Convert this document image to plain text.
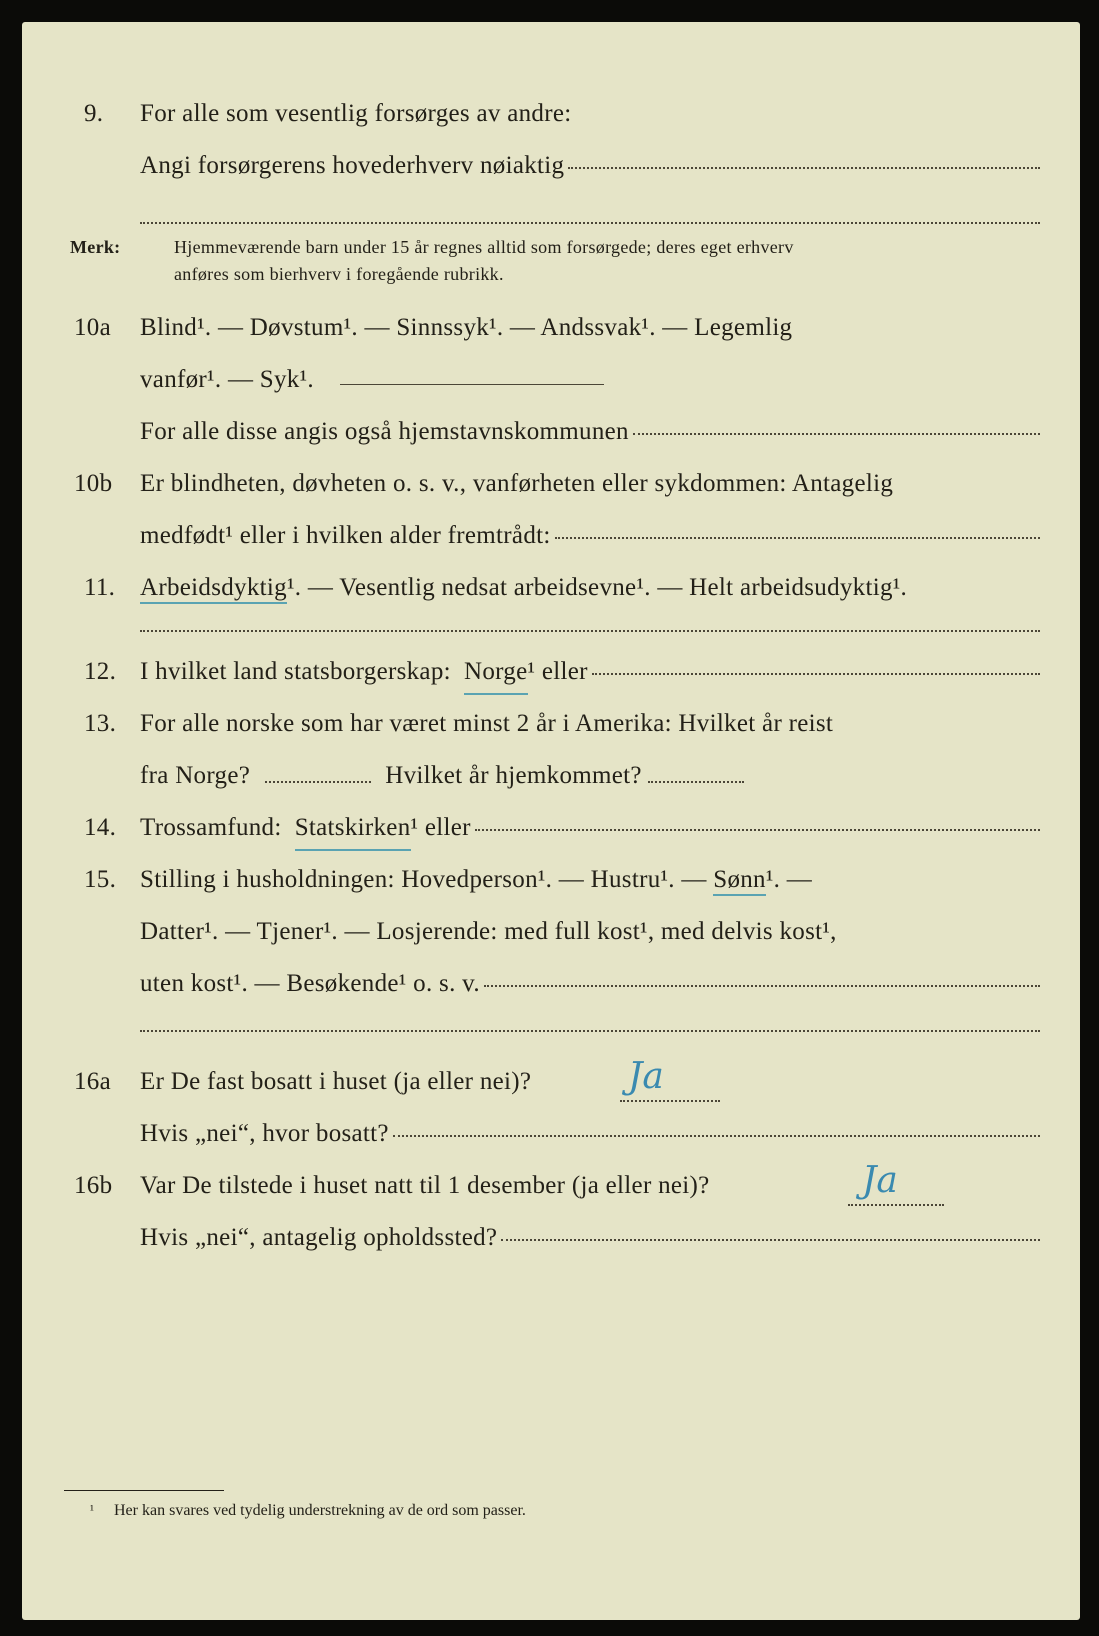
9. For alle som vesentlig forsørges av andre:
Angi forsørgerens hovederhverv nøiaktig
Merk:	Hjemmeværende barn under 15 år regnes alltid som forsørgede; deres eget erhverv
anføres som bierhverv i foregående rubrikk.
10a Blind¹. — Døvstum¹. — Sinnssyk¹. — Andssvak¹. — Legemlig
vanfør¹. — Syk¹.
For alle disse angis også hjemstavnskommunen
10b Er blindheten, døvheten o. s. v., vanførheten eller sykdommen: Antagelig
medfødt¹ eller i hvilken alder fremtrådt:
11. Arbeidsdyktig¹. — Vesentlig nedsat arbeidsevne¹. — Helt arbeidsudyktig¹.
12. I hvilket land statsborgerskap:
Norge ¹ eller
13. For alle norske som har været minst 2 år i Amerika: Hvilket år reist
fra Norge?	Hvilket år hjemkommet?
14. Trossamfund:
Statskirken ¹ eller
15. Stilling i husholdningen: Hovedperson¹. — Hustru¹. — Sønn¹. —
Datter¹. — Tjener¹. — Losjerende: med full kost¹, med delvis kost¹,
uten kost¹. — Besøkende¹ o. s. v.
16a Er De fast bosatt i huset (ja eller nei)?	Ja
Hvis „nei“, hvor bosatt?
16b Var De tilstede i huset natt til 1 desember (ja eller nei)?	Ja
Hvis „nei“, antagelig opholdssted?
¹ Her kan svares ved tydelig understrekning av de ord som passer.
